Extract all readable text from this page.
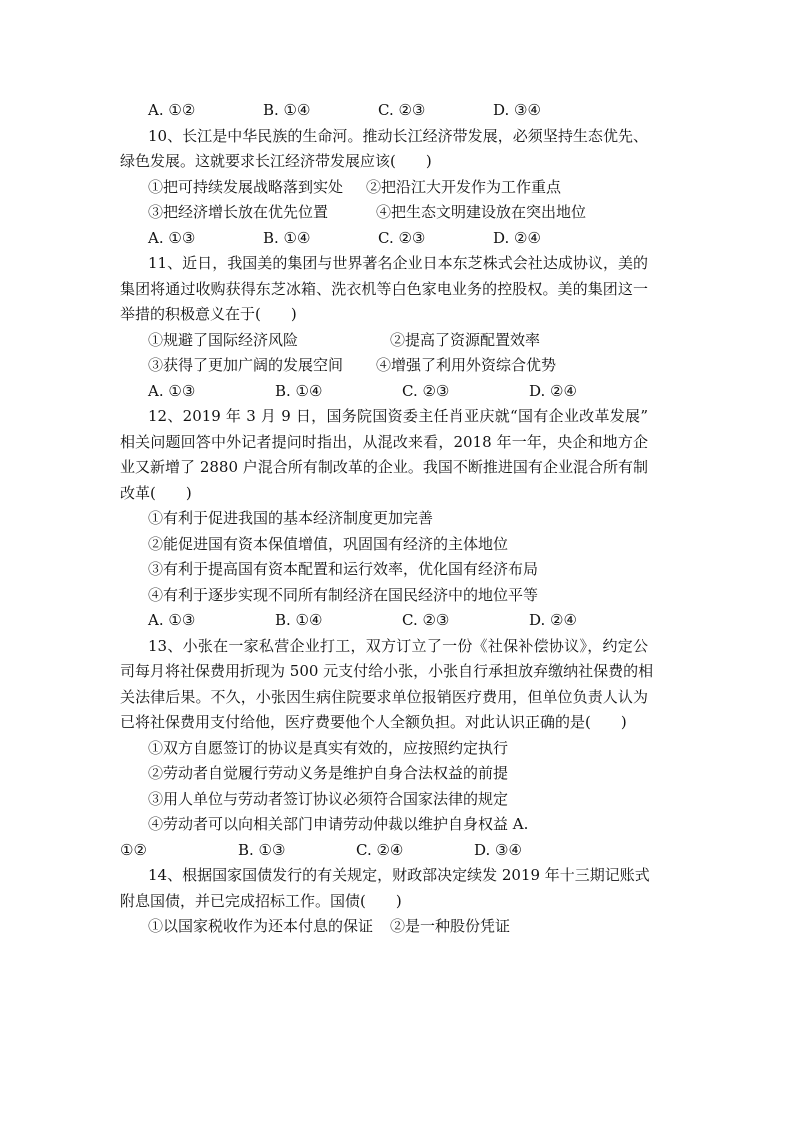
A. ①②	B. ①④	C. ②③	D. ③④
10、长江是中华民族的生命河。推动长江经济带发展，必须坚持生态优先、
绿色发展。这就要求长江经济带发展应该(　　)
①把可持续发展战略落到实处	②把沿江大开发作为工作重点
③把经济增长放在优先位置	④把生态文明建设放在突出地位
A. ①③	B. ①④	C. ②③	D. ②④
11、近日，我国美的集团与世界著名企业日本东芝株式会社达成协议，美的
集团将通过收购获得东芝冰箱、洗衣机等白色家电业务的控股权。美的集团这一
举措的积极意义在于(　　)
①规避了国际经济风险	②提高了资源配置效率
③获得了更加广阔的发展空间	④增强了利用外资综合优势
A. ①③	B. ①④	C. ②③	D. ②④
12、2019 年 3 月 9 日，国务院国资委主任肖亚庆就“国有企业改革发展”
相关问题回答中外记者提问时指出，从混改来看，2018 年一年，央企和地方企
业又新增了 2880 户混合所有制改革的企业。我国不断推进国有企业混合所有制
改革(　　)
①有利于促进我国的基本经济制度更加完善
②能促进国有资本保值增值，巩固国有经济的主体地位
③有利于提高国有资本配置和运行效率，优化国有经济布局
④有利于逐步实现不同所有制经济在国民经济中的地位平等
A. ①③	B. ①④	C. ②③	D. ②④
13、小张在一家私营企业打工，双方订立了一份《社保补偿协议》，约定公
司每月将社保费用折现为 500 元支付给小张，小张自行承担放弃缴纳社保费的相
关法律后果。不久，小张因生病住院要求单位报销医疗费用，但单位负责人认为
已将社保费用支付给他，医疗费要他个人全额负担。对此认识正确的是(　　)
①双方自愿签订的协议是真实有效的，应按照约定执行
②劳动者自觉履行劳动义务是维护自身合法权益的前提
③用人单位与劳动者签订协议必须符合国家法律的规定
④劳动者可以向相关部门申请劳动仲裁以维护自身权益 A.
①②	B. ①③	C. ②④	D. ③④
14、根据国家国债发行的有关规定，财政部决定续发 2019 年十三期记账式
附息国债，并已完成招标工作。国债(　　)
①以国家税收作为还本付息的保证	②是一种股份凭证
